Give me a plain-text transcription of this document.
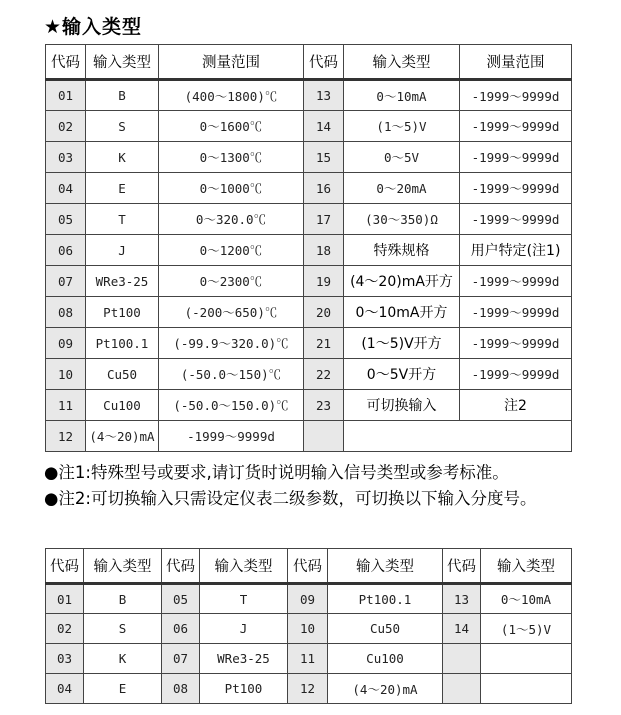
★输入类型
代码	输入类型	测量范围	代码	输入类型	测量范围
01	B	(400～1800)℃	13	0～10mA	-1999～9999d
02	S	0～1600℃	14	(1～5)V	-1999～9999d
03	K	0～1300℃	15	0～5V	-1999～9999d
04	E	0～1000℃	16	0～20mA	-1999～9999d
05	T	0～320.0℃	17	(30～350)Ω	-1999～9999d
06	J	0～1200℃	18	特殊规格	用户特定(注1)
07	WRe3-25	0～2300℃	19	(4～20)mA开方	-1999～9999d
08	Pt100	(-200～650)℃	20	0～10mA开方	-1999～9999d
09	Pt100.1	(-99.9～320.0)℃	21	(1～5)V开方	-1999～9999d
10	Cu50	(-50.0～150)℃	22	0～5V开方	-1999～9999d
11	Cu100	(-50.0～150.0)℃	23	可切换输入	注2
12	(4～20)mA	-1999～9999d			

●注1:特殊型号或要求,请订货时说明输入信号类型或参考标准。

●注2:可切换输入只需设定仪表二级参数，可切换以下输入分度号。

代码	输入类型	代码	输入类型	代码	输入类型	代码	输入类型
01	B	05	T	09	Pt100.1	13	0～10mA
02	S	06	J	10	Cu50	14	(1～5)V
03	K	07	WRe3-25	11	Cu100		
04	E	08	Pt100	12	(4～20)mA		
